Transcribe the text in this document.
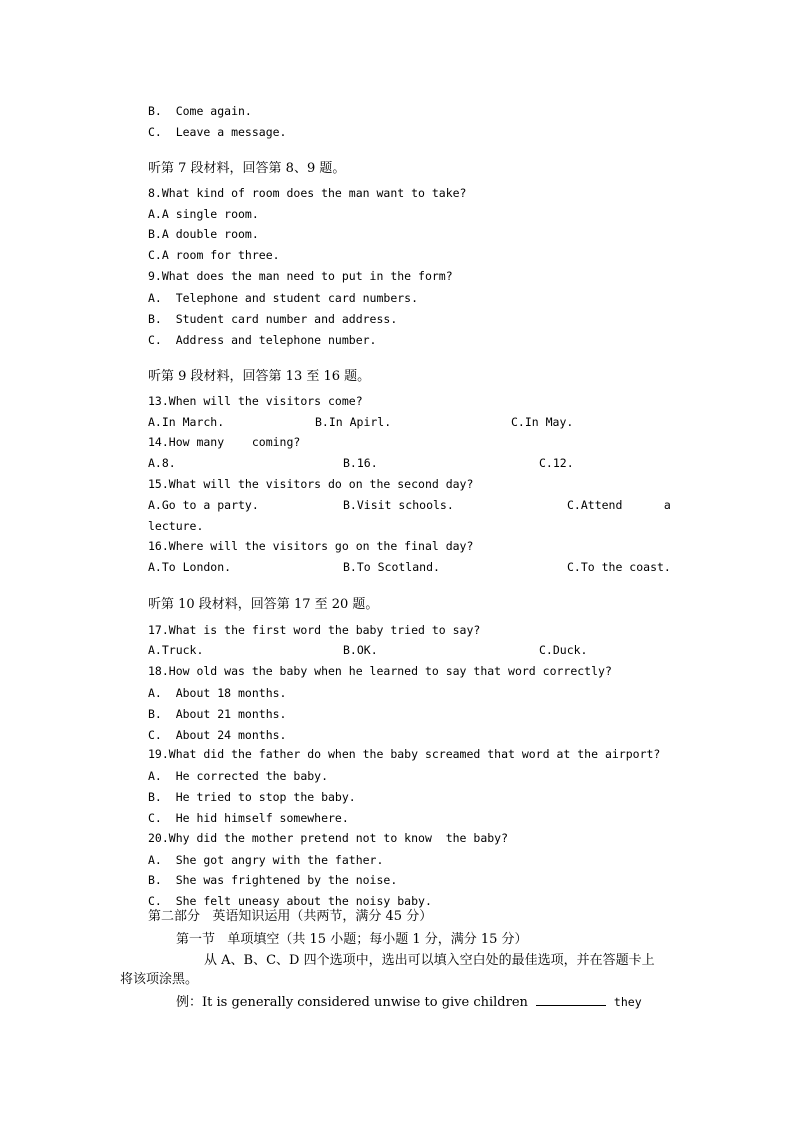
B.  Come again.
C.  Leave a message.
听第 7 段材料，回答第 8、9 题。
8.What kind of room does the man want to take?
A.A single room.
B.A double room.
C.A room for three.
9.What does the man need to put in the form?
A.  Telephone and student card numbers.
B.  Student card number and address.
C.  Address and telephone number.
听第 9 段材料，回答第 13 至 16 题。
13.When will the visitors come?
A.In March.	B.In Apirl.	C.In May.
14.How many    coming?
A.8.	B.16.	C.12.
15.What will the visitors do on the second day?
A.Go to a party.	B.Visit schools.	C.Attend      a
lecture.
16.Where will the visitors go on the final day?
A.To London.	B.To Scotland.	C.To the coast.
听第 10 段材料，回答第 17 至 20 题。
17.What is the first word the baby tried to say?
A.Truck.	B.OK.	C.Duck.
18.How old was the baby when he learned to say that word correctly?
A.  About 18 months.
B.  About 21 months.
C.  About 24 months.
19.What did the father do when the baby screamed that word at the airport?
A.  He corrected the baby.
B.  He tried to stop the baby.
C.  He hid himself somewhere.
20.Why did the mother pretend not to know  the baby?
A.  She got angry with the father.
B.  She was frightened by the noise.
C.  She felt uneasy about the noisy baby.
第二部分   英语知识运用（共两节，满分 45 分）
第一节   单项填空（共 15 小题；每小题 1 分，满分 15 分）
从 A、B、C、D 四个选项中，选出可以填入空白处的最佳选项，并在答题卡上
将该项涂黑。
例：It is generally considered unwise to give children	they
